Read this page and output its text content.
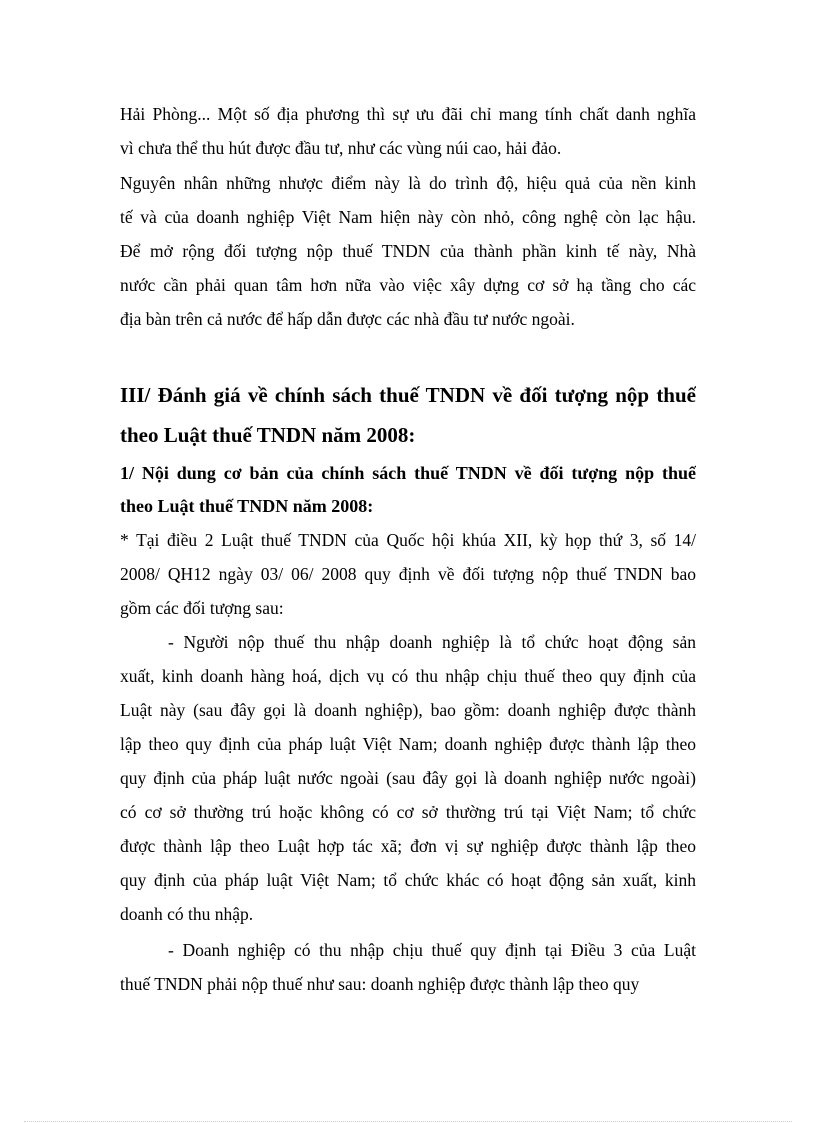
Hải Phòng... Một số địa phương thì sự ưu đãi chỉ mang tính chất danh nghĩa
vì chưa thể thu hút được đầu tư, như các vùng núi cao, hải đảo.
Nguyên nhân những nhược điểm này là do trình độ, hiệu quả của nền kinh
tế và của doanh nghiệp Việt Nam hiện này còn nhỏ, công nghệ còn lạc hậu.
Để mở rộng đối tượng nộp thuế TNDN của thành phần kinh tế này, Nhà
nước cần phải quan tâm hơn nữa vào việc xây dựng cơ sở hạ tầng cho các
địa bàn trên cả nước để hấp dẫn được các nhà đầu tư nước ngoài.
III/ Đánh giá về chính sách thuế TNDN về đối tượng nộp thuế
theo Luật thuế TNDN năm 2008:
1/ Nội dung cơ bản của chính sách thuế TNDN về đối tượng nộp thuế
theo Luật thuế TNDN năm 2008:
* Tại điều 2 Luật thuế TNDN của Quốc hội khúa XII, kỳ họp thứ 3, số 14/
2008/ QH12 ngày 03/ 06/ 2008 quy định về đối tượng nộp thuế TNDN bao
gồm các đối tượng sau:
- Người nộp thuế thu nhập doanh nghiệp là tổ chức hoạt động sản
xuất, kinh doanh hàng hoá, dịch vụ có thu nhập chịu thuế theo quy định của
Luật này (sau đây gọi là doanh nghiệp), bao gồm: doanh nghiệp được thành
lập theo quy định của pháp luật Việt Nam; doanh nghiệp được thành lập theo
quy định của pháp luật nước ngoài (sau đây gọi là doanh nghiệp nước ngoài)
có cơ sở thường trú hoặc không có cơ sở thường trú tại Việt Nam; tổ chức
được thành lập theo Luật hợp tác xã; đơn vị sự nghiệp được thành lập theo
quy định của pháp luật Việt Nam; tổ chức khác có hoạt động sản xuất, kinh
doanh có thu nhập.
- Doanh nghiệp có thu nhập chịu thuế quy định tại Điều 3 của Luật
thuế TNDN phải nộp thuế như sau: doanh nghiệp được thành lập theo quy
